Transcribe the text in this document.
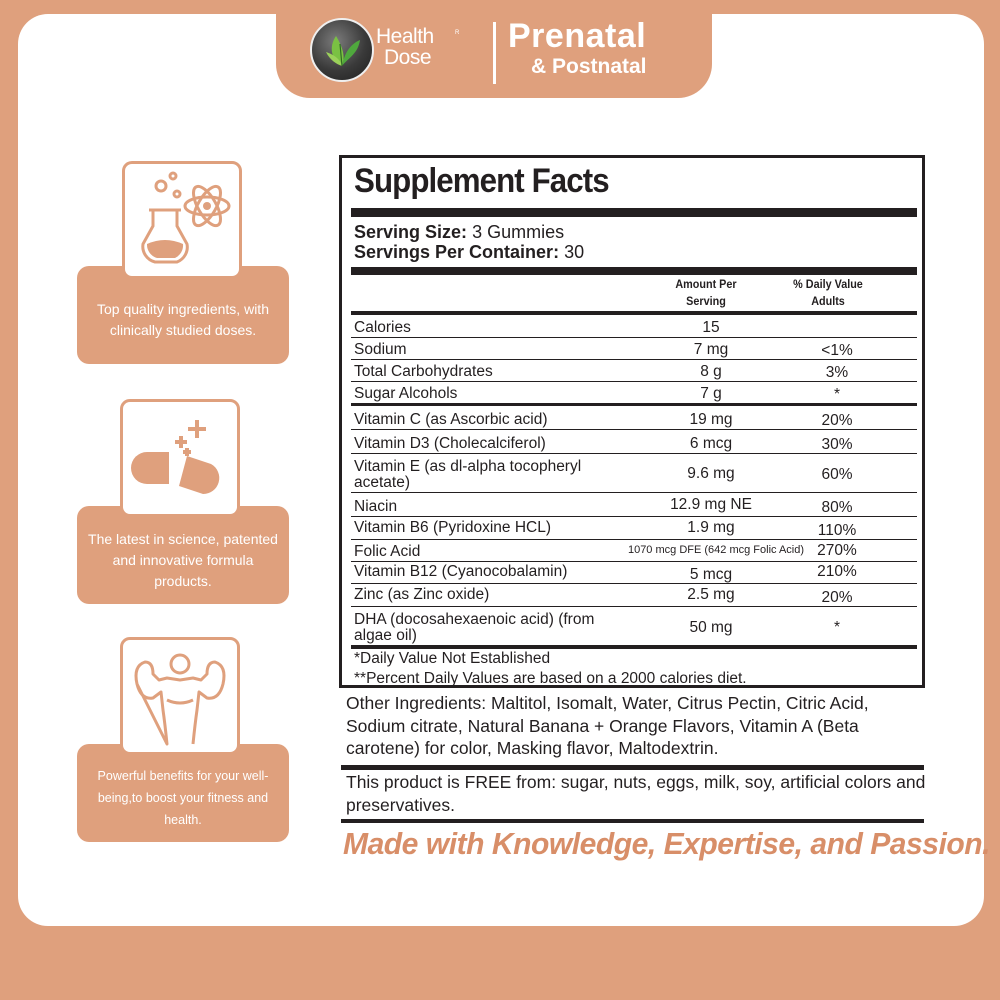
Health
Dose
R Prenatal
& Postnatal
Top quality ingredients, with clinically studied doses.
The latest in science, patented and innovative formula products.
Powerful benefits for your well-being,to boost your fitness and health.
Supplement Facts
Serving Size: 3 Gummies
Servings Per Container: 30
Amount Per
Serving
% Daily Value
Adults
Calories	15
Sodium	7 mg	<1%
Total Carbohydrates	8 g	3%
Sugar Alcohols	7 g	*
Vitamin C (as Ascorbic acid)	19 mg	20%
Vitamin D3 (Cholecalciferol)	6 mcg	30%
Vitamin E (as dl-alpha tocopheryl acetate)
9.6 mg	60%
Niacin	12.9 mg NE	80%
Vitamin B6 (Pyridoxine HCL)	1.9 mg	110%
Folic Acid	1070 mcg DFE (642 mcg Folic Acid) 270%
Vitamin B12 (Cyanocobalamin)	5 mcg	210%
Zinc (as Zinc oxide)	2.5 mg	20%
DHA (docosahexaenoic acid) (from algae oil)	50 mg	*
*Daily Value Not Established
**Percent Daily Values are based on a 2000 calories diet.
Other Ingredients: Maltitol, Isomalt, Water, Citrus Pectin, Citric Acid, Sodium citrate, Natural Banana + Orange Flavors, Vitamin A (Beta carotene) for color, Masking flavor, Maltodextrin.
This product is FREE from: sugar, nuts, eggs, milk, soy, artificial colors and preservatives.
Made with Knowledge, Expertise, and Passion.
